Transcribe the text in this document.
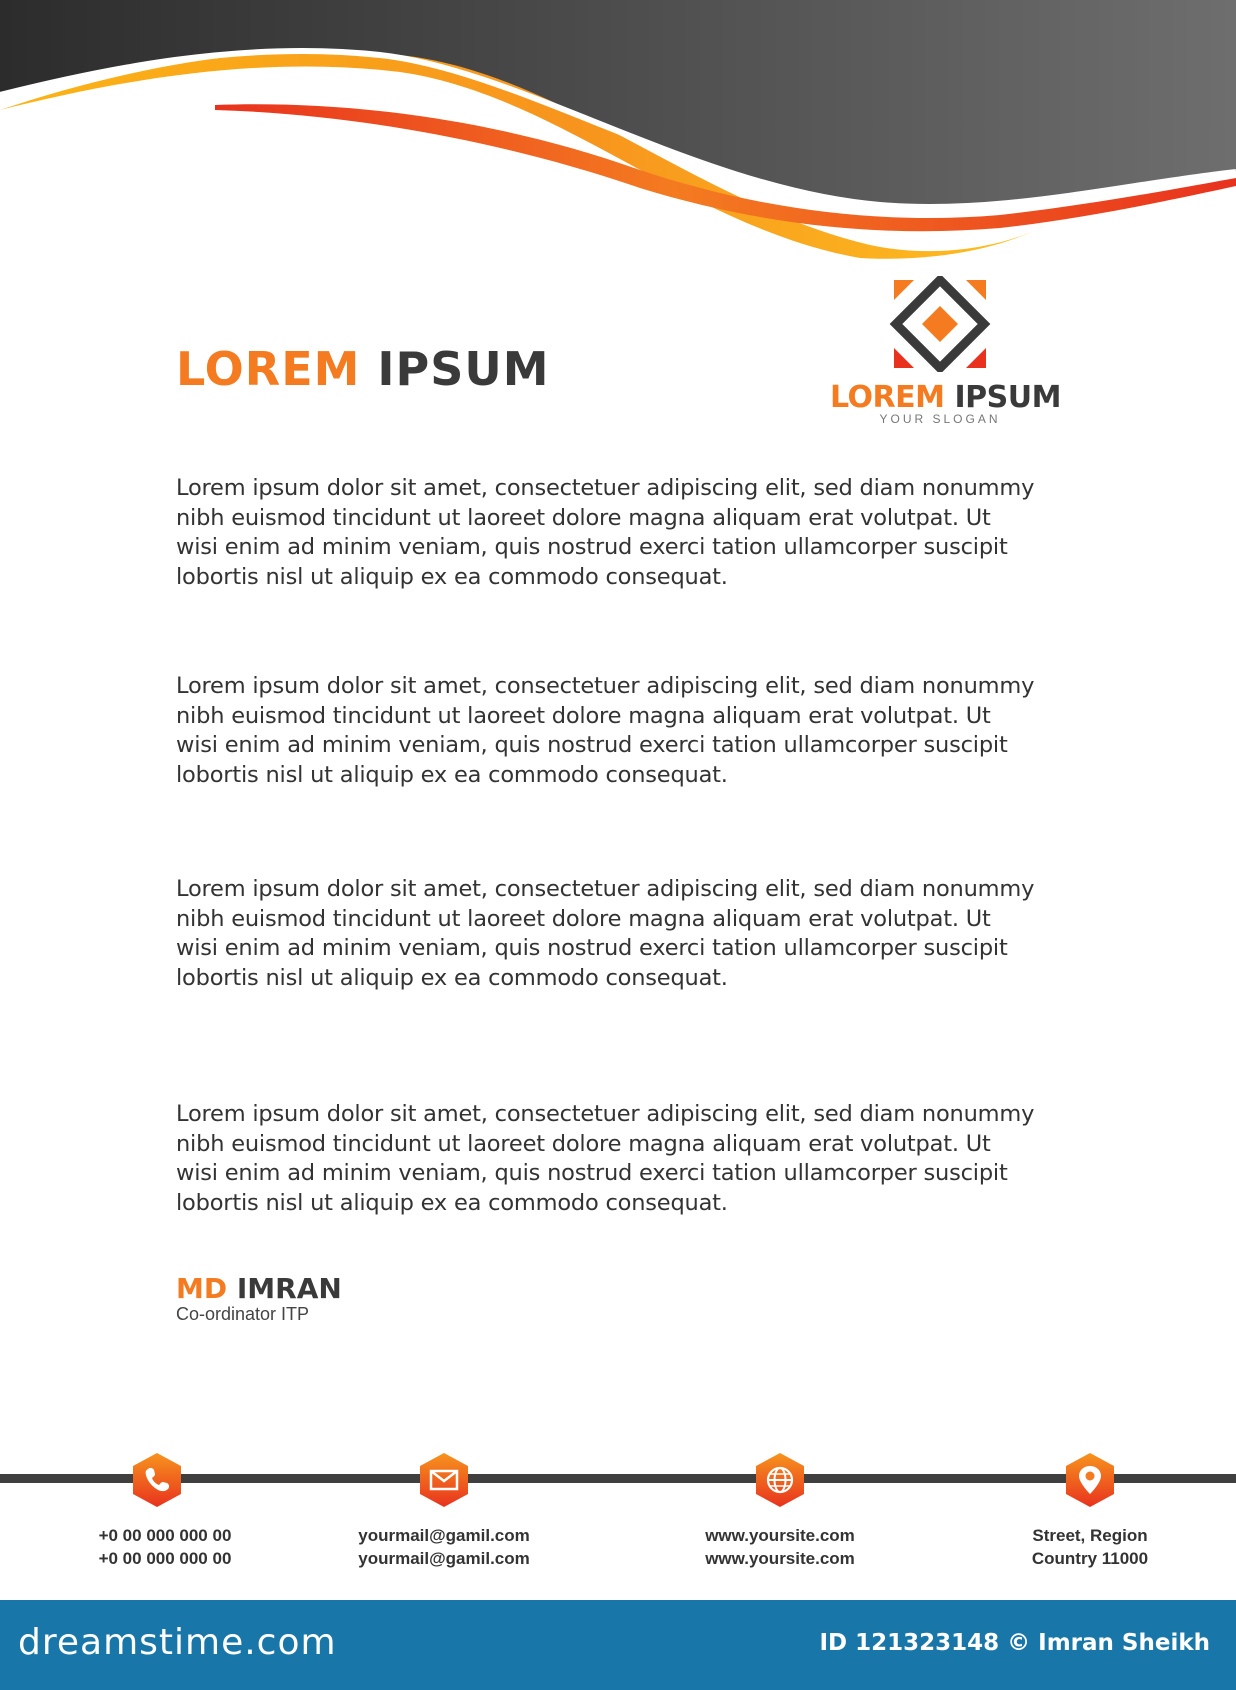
LOREM IPSUM
LOREM IPSUM
YOUR SLOGAN

Lorem ipsum dolor sit amet, consectetuer adipiscing elit, sed diam nonummy
nibh euismod tincidunt ut laoreet dolore magna aliquam erat volutpat. Ut
wisi enim ad minim veniam, quis nostrud exerci tation ullamcorper suscipit
lobortis nisl ut aliquip ex ea commodo consequat.

Lorem ipsum dolor sit amet, consectetuer adipiscing elit, sed diam nonummy
nibh euismod tincidunt ut laoreet dolore magna aliquam erat volutpat. Ut
wisi enim ad minim veniam, quis nostrud exerci tation ullamcorper suscipit
lobortis nisl ut aliquip ex ea commodo consequat.

Lorem ipsum dolor sit amet, consectetuer adipiscing elit, sed diam nonummy
nibh euismod tincidunt ut laoreet dolore magna aliquam erat volutpat. Ut
wisi enim ad minim veniam, quis nostrud exerci tation ullamcorper suscipit
lobortis nisl ut aliquip ex ea commodo consequat.

Lorem ipsum dolor sit amet, consectetuer adipiscing elit, sed diam nonummy
nibh euismod tincidunt ut laoreet dolore magna aliquam erat volutpat. Ut
wisi enim ad minim veniam, quis nostrud exerci tation ullamcorper suscipit
lobortis nisl ut aliquip ex ea commodo consequat.

MD IMRAN
Co-ordinator ITP
+0 00 000 000 00
+0 00 000 000 00
yourmail@gamil.com
yourmail@gamil.com
www.yoursite.com
www.yoursite.com
Street, Region
Country 11000
dreamstime.com	ID 121323148 © Imran Sheikh
